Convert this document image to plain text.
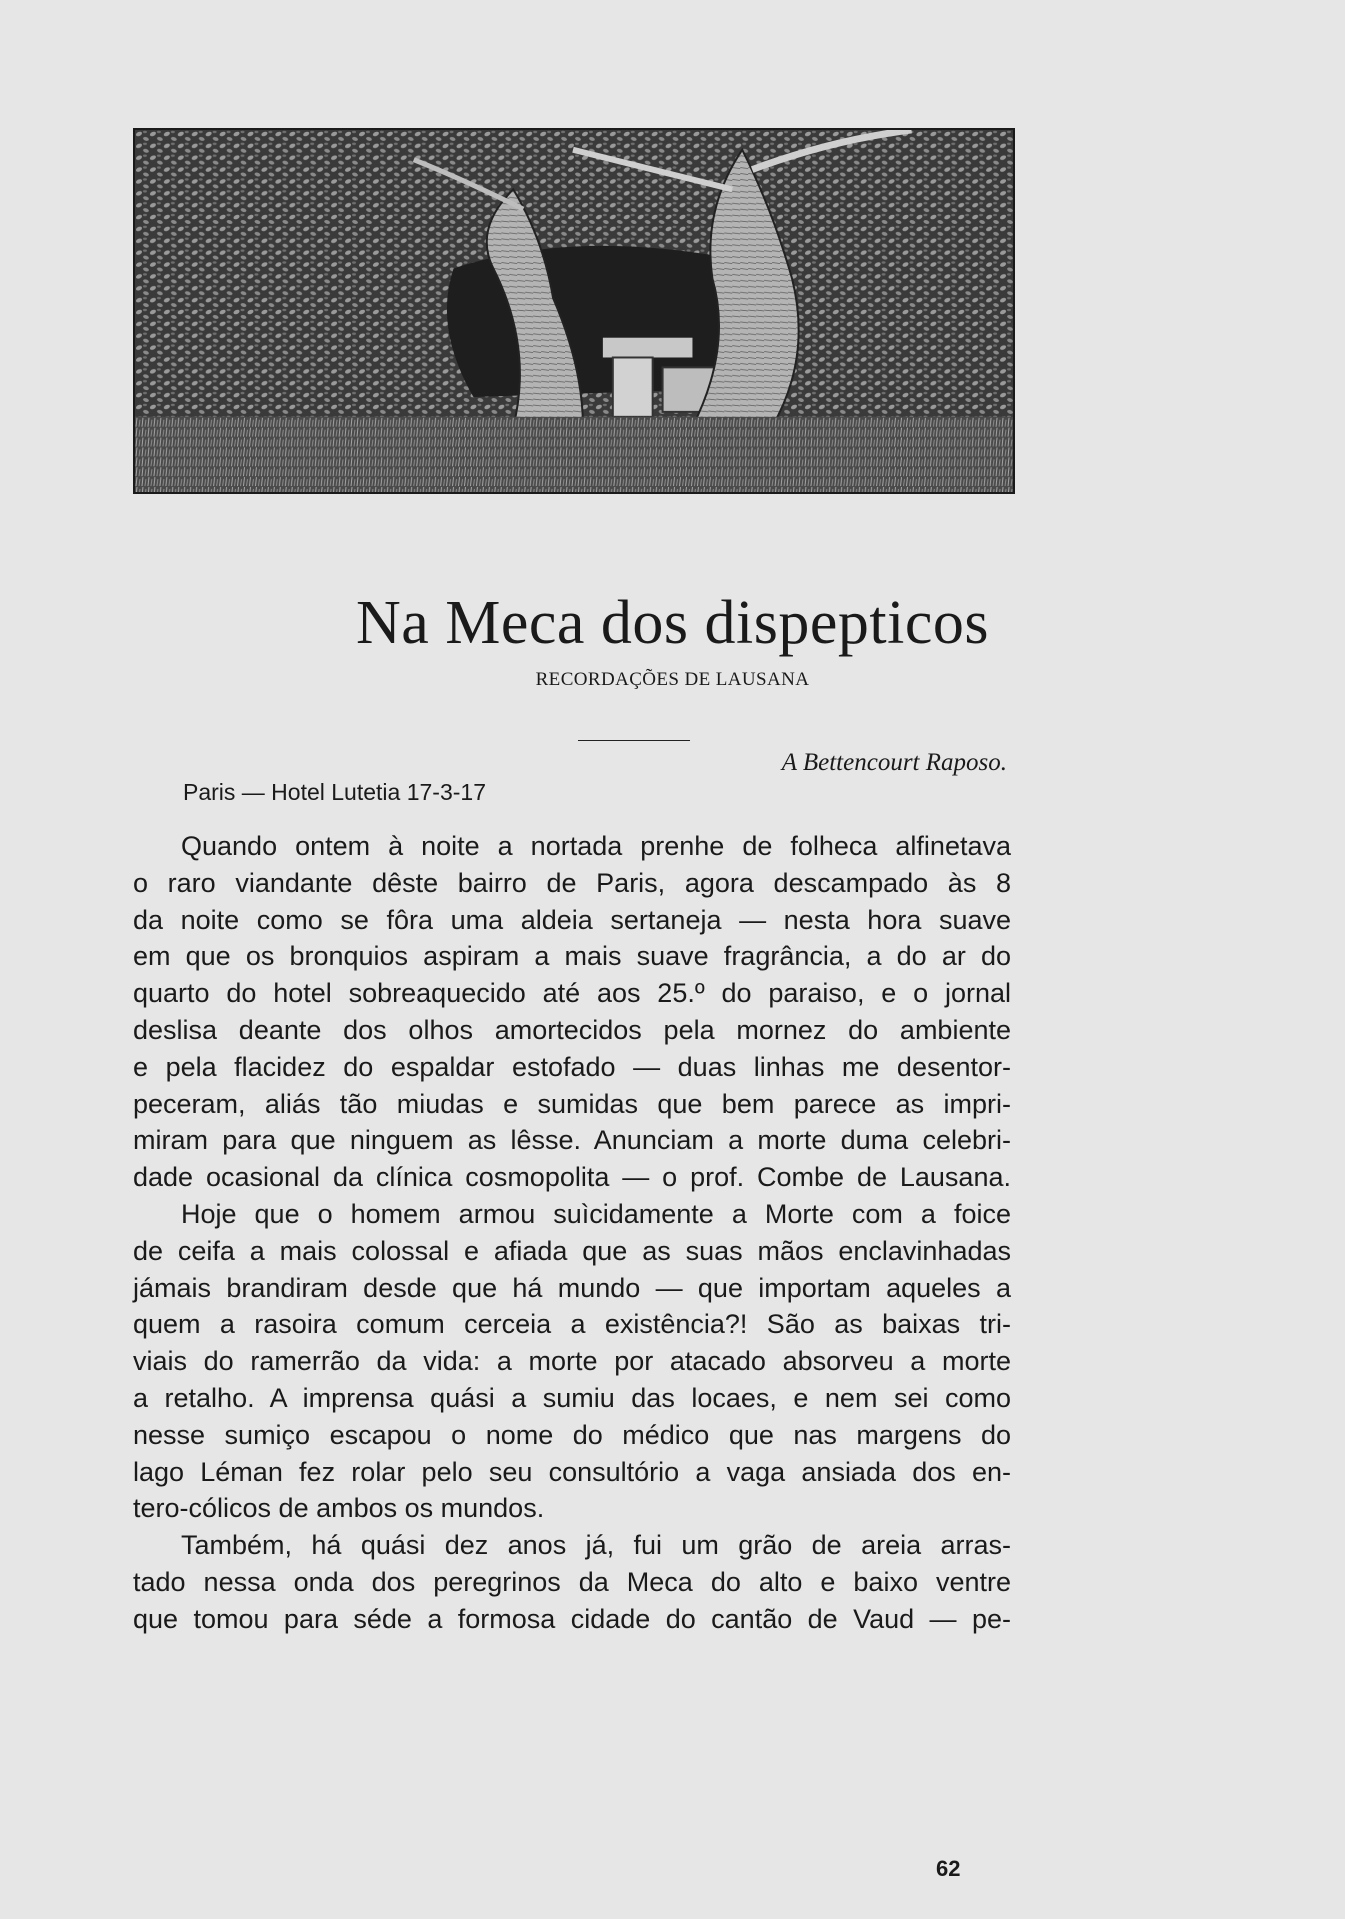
Na Meca dos dispepticos
RECORDAÇÕES DE LAUSANA
A Bettencourt Raposo.
Paris — Hotel Lutetia 17-3-17
Quando ontem à noite a nortada prenhe de folheca alfinetava
o raro viandante dêste bairro de Paris, agora descampado às 8
da noite como se fôra uma aldeia sertaneja — nesta hora suave
em que os bronquios aspiram a mais suave fragrância, a do ar do
quarto do hotel sobreaquecido até aos 25.º do paraiso, e o jornal
deslisa deante dos olhos amortecidos pela mornez do ambiente
e pela flacidez do espaldar estofado — duas linhas me desentor-
peceram, aliás tão miudas e sumidas que bem parece as impri-
miram para que ninguem as lêsse. Anunciam a morte duma celebri-
dade ocasional da clínica cosmopolita — o prof. Combe de Lausana.
Hoje que o homem armou suìcidamente a Morte com a foice
de ceifa a mais colossal e afiada que as suas mãos enclavinhadas
jámais brandiram desde que há mundo — que importam aqueles a
quem a rasoira comum cerceia a existência?! São as baixas tri-
viais do ramerrão da vida: a morte por atacado absorveu a morte
a retalho. A imprensa quási a sumiu das locaes, e nem sei como
nesse sumiço escapou o nome do médico que nas margens do
lago Léman fez rolar pelo seu consultório a vaga ansiada dos en-
tero-cólicos de ambos os mundos.
Também, há quási dez anos já, fui um grão de areia arras-
tado nessa onda dos peregrinos da Meca do alto e baixo ventre
que tomou para séde a formosa cidade do cantão de Vaud — pe-
62
